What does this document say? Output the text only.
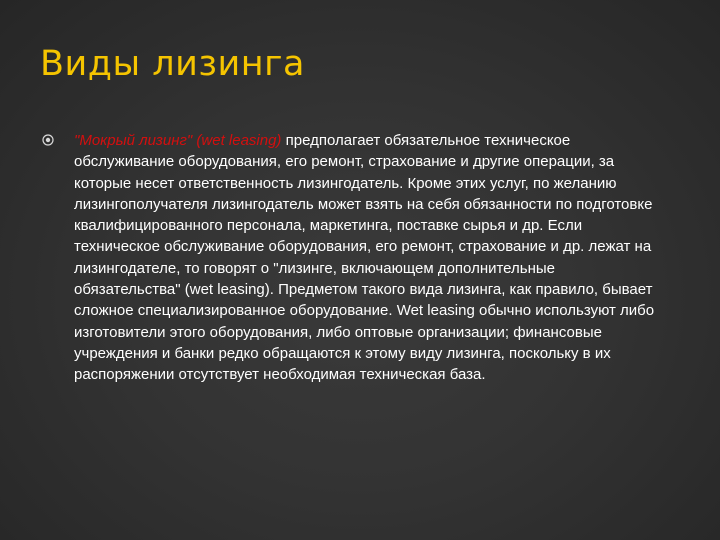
Виды лизинга

"Мокрый лизинг" (wet leasing) предполагает обязательное техническое обслуживание оборудования, его ремонт, страхование и другие операции, за которые несет ответственность лизингодатель. Кроме этих услуг, по желанию лизингополучателя лизингодатель может взять на себя обязанности по подготовке квалифицированного персонала, маркетинга, поставке сырья и др. Если техническое обслуживание оборудования, его ремонт, страхование и др. лежат на лизингодателе, то говорят о "лизинге, включающем дополнительные обязательства" (wet leasing). Предметом такого вида лизинга, как правило, бывает сложное специализированное оборудование. Wet leasing обычно используют либо изготовители этого оборудования, либо оптовые организации; финансовые учреждения и банки редко обращаются к этому виду лизинга, поскольку в их распоряжении отсутствует необходимая техническая база.
